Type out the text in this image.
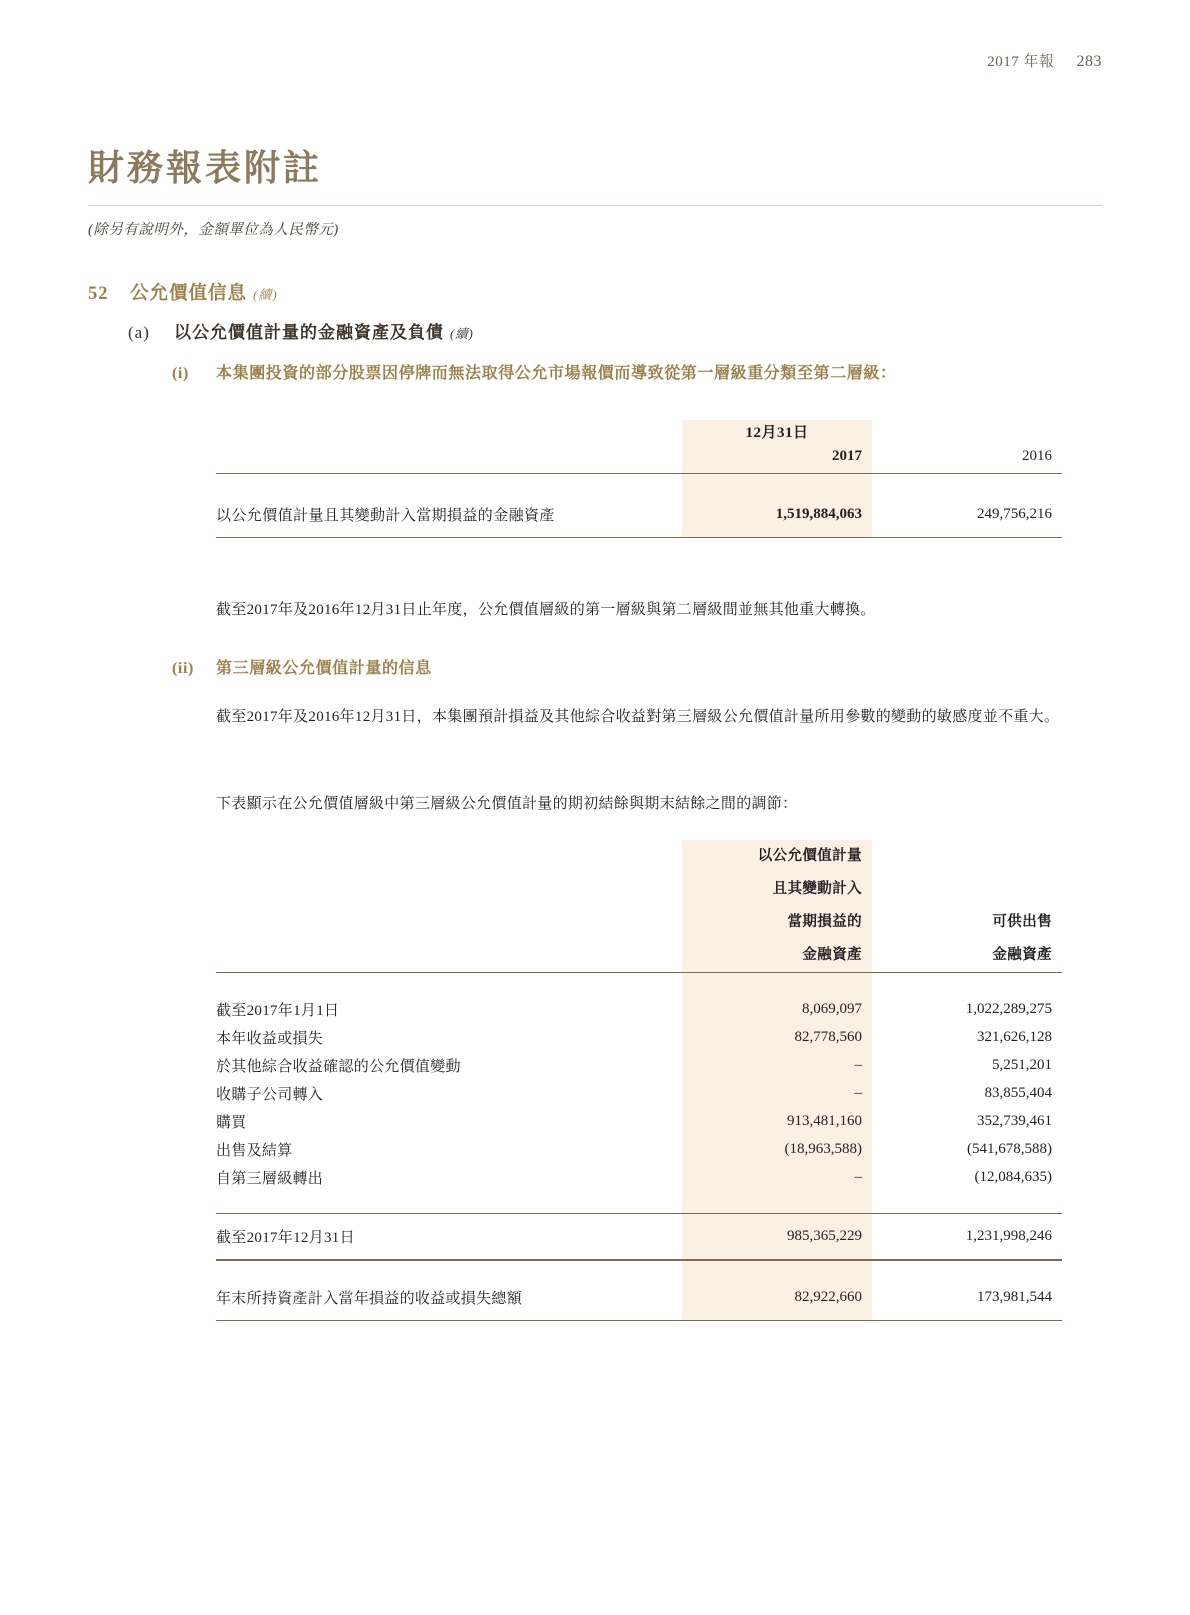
2017 年報 283
財務報表附註
(除另有說明外，金額單位為人民幣元)
52	公允價值信息 (續)
(a)	以公允價值計量的金融資產及負債 (續)
(i)	本集團投資的部分股票因停牌而無法取得公允市場報價而導致從第一層級重分類至第二層級：
	12月31日	
	2017	2016

以公允價值計量且其變動計入當期損益的金融資產	1,519,884,063	249,756,216

截至2017年及2016年12月31日止年度，公允價值層級的第一層級與第二層級間並無其他重大轉換。
(ii)	第三層級公允價值計量的信息
截至2017年及2016年12月31日，本集團預計損益及其他綜合收益對第三層級公允價值計量所用參數的變動的敏感度並不重大。
下表顯示在公允價值層級中第三層級公允價值計量的期初結餘與期末結餘之間的調節：
	以公允價值計量	
	且其變動計入	
	當期損益的	可供出售
	金融資產	金融資產

截至2017年1月1日	8,069,097	1,022,289,275
本年收益或損失	82,778,560	321,626,128
於其他綜合收益確認的公允價值變動	–	5,251,201
收購子公司轉入	–	83,855,404
購買	913,481,160	352,739,461
出售及結算	(18,963,588)	(541,678,588)
自第三層級轉出	–	(12,084,635)

截至2017年12月31日	985,365,229	1,231,998,246

年末所持資產計入當年損益的收益或損失總額	82,922,660	173,981,544
